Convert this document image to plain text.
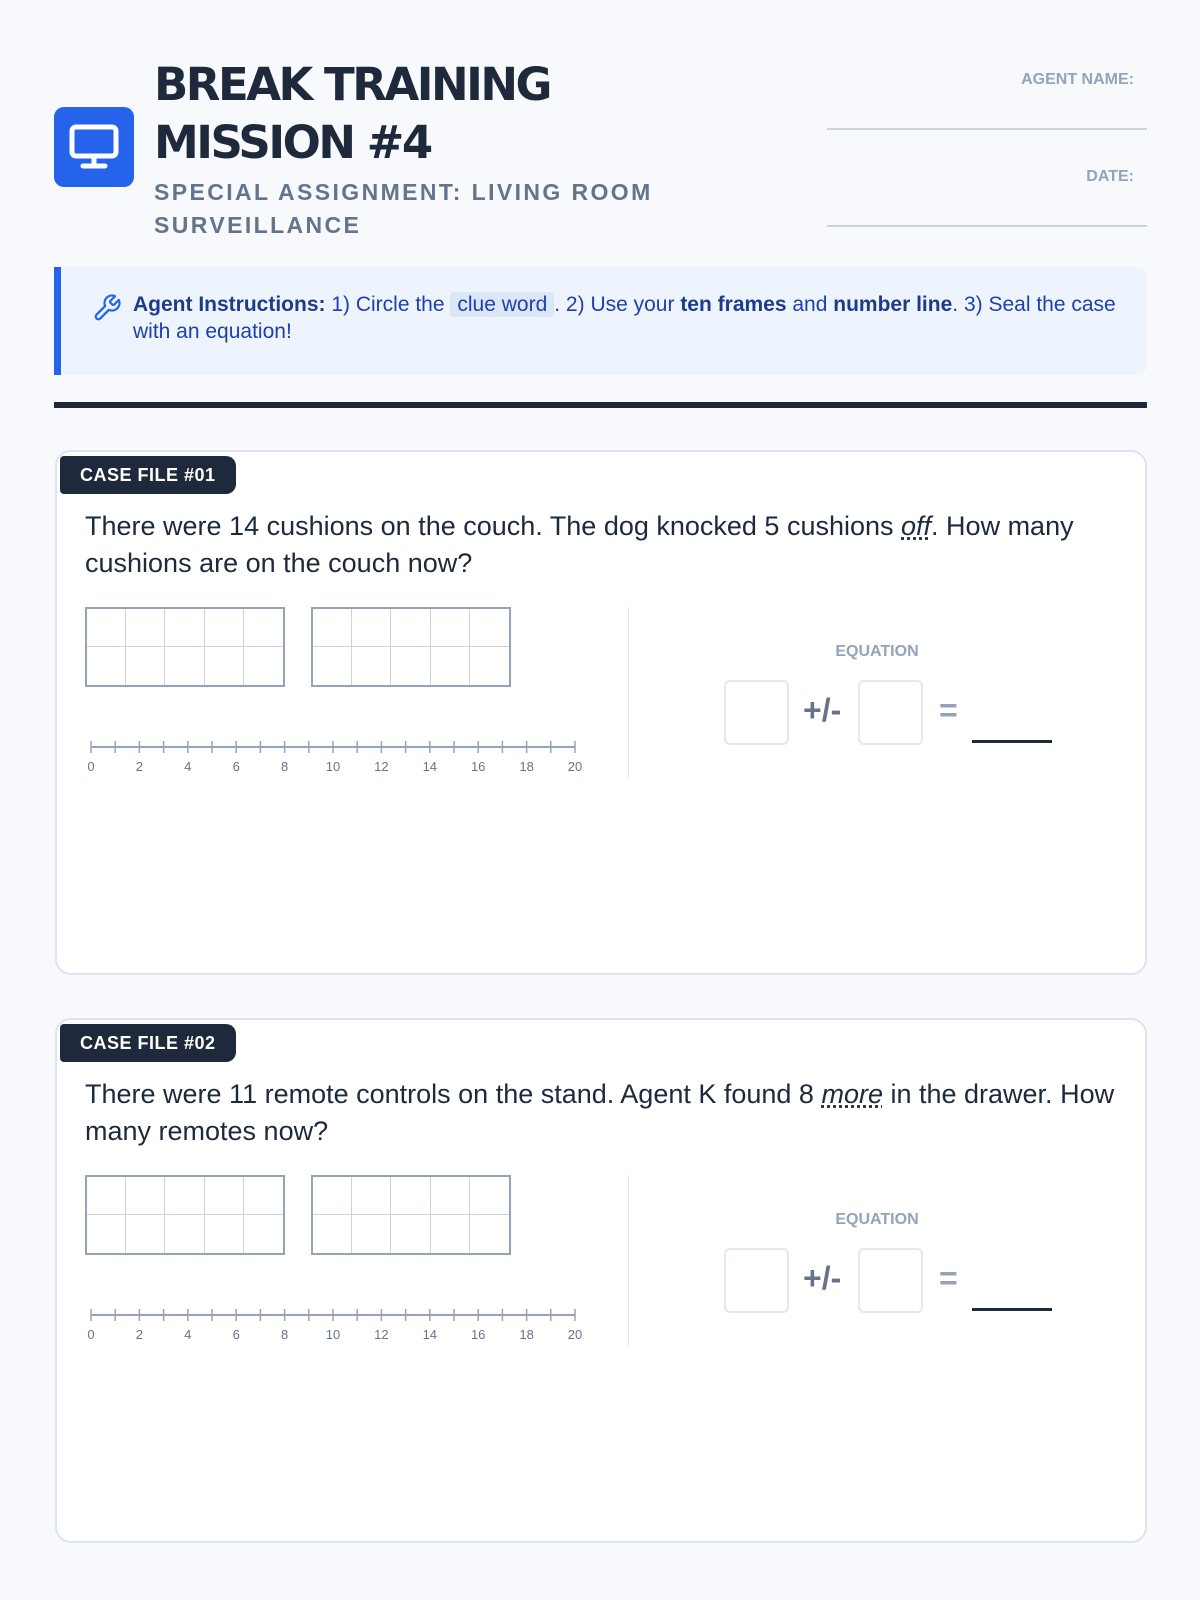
BREAK TRAINING
MISSION #4
SPECIAL ASSIGNMENT: LIVING ROOM SURVEILLANCE
AGENT NAME:
DATE:
Agent Instructions: 1) Circle the clue word . 2) Use your ten frames and number line. 3) Seal the case with an equation!
CASE FILE #01
There were 14 cushions on the couch. The dog knocked 5 cushions off. How many cushions are on the couch now?
0	2	4	6	8	10	12	14	16	18	20
EQUATION
+/-	=
CASE FILE #02
There were 11 remote controls on the stand. Agent K found 8 more in the drawer. How many remotes now?
0	2	4	6	8	10	12	14	16	18	20
EQUATION
+/-	=
